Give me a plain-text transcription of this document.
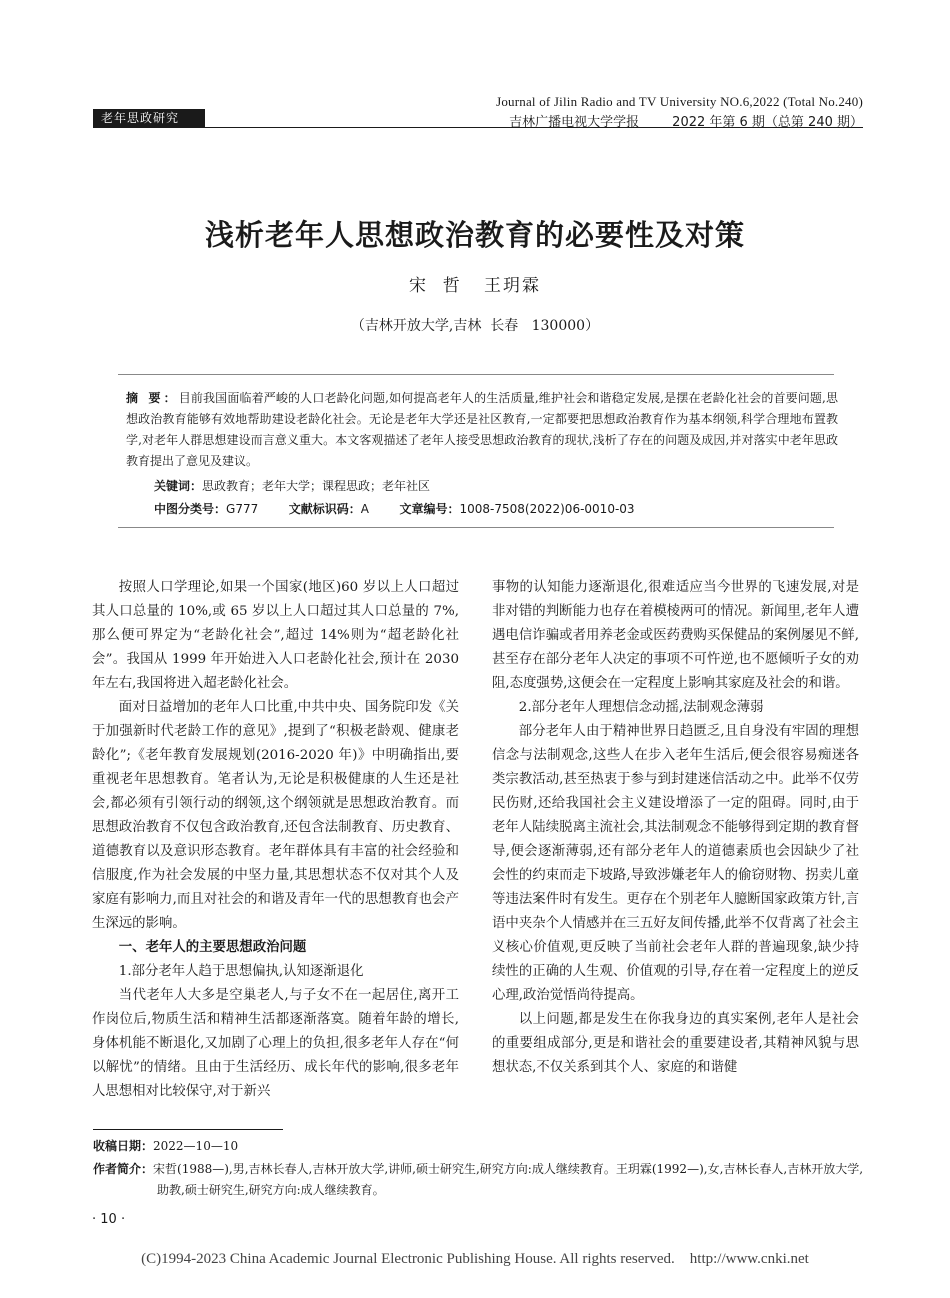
老年思政研究
Journal of Jilin Radio and TV University NO.6,2022 (Total No.240)
吉林广播电视大学学报        2022 年第 6 期（总第 240 期）
浅析老年人思想政治教育的必要性及对策
宋  哲   王玥霖
（吉林开放大学,吉林  长春   130000）
摘 要：目前我国面临着严峻的人口老龄化问题,如何提高老年人的生活质量,维护社会和谐稳定发展,是摆在老龄化社会的首要问题,思想政治教育能够有效地帮助建设老龄化社会。无论是老年大学还是社区教育,一定都要把思想政治教育作为基本纲领,科学合理地布置教学,对老年人群思想建设而言意义重大。本文客观描述了老年人接受思想政治教育的现状,浅析了存在的问题及成因,并对落实中老年思政教育提出了意见及建议。
关键词：思政教育；老年大学；课程思政；老年社区
中图分类号：G777	文献标识码：A	文章编号：1008-7508(2022)06-0010-03

按照人口学理论,如果一个国家(地区)60 岁以上人口超过其人口总量的 10%,或 65 岁以上人口超过其人口总量的 7%,那么便可界定为“老龄化社会”,超过 14%则为“超老龄化社会”。我国从 1999 年开始进入人口老龄化社会,预计在 2030 年左右,我国将进入超老龄化社会。

面对日益增加的老年人口比重,中共中央、国务院印发《关于加强新时代老龄工作的意见》,提到了“积极老龄观、健康老龄化”;《老年教育发展规划(2016-2020 年)》中明确指出,要重视老年思想教育。笔者认为,无论是积极健康的人生还是社会,都必须有引领行动的纲领,这个纲领就是思想政治教育。而思想政治教育不仅包含政治教育,还包含法制教育、历史教育、道德教育以及意识形态教育。老年群体具有丰富的社会经验和信服度,作为社会发展的中坚力量,其思想状态不仅对其个人及家庭有影响力,而且对社会的和谐及青年一代的思想教育也会产生深远的影响。

一、老年人的主要思想政治问题
1.部分老年人趋于思想偏执,认知逐渐退化

当代老年人大多是空巢老人,与子女不在一起居住,离开工作岗位后,物质生活和精神生活都逐渐落寞。随着年龄的增长,身体机能不断退化,又加剧了心理上的负担,很多老年人存在“何以解忧”的情绪。且由于生活经历、成长年代的影响,很多老年人思想相对比较保守,对于新兴

事物的认知能力逐渐退化,很难适应当今世界的飞速发展,对是非对错的判断能力也存在着模棱两可的情况。新闻里,老年人遭遇电信诈骗或者用养老金或医药费购买保健品的案例屡见不鲜,甚至存在部分老年人决定的事项不可忤逆,也不愿倾听子女的劝阻,态度强势,这便会在一定程度上影响其家庭及社会的和谐。

2.部分老年人理想信念动摇,法制观念薄弱

部分老年人由于精神世界日趋匮乏,且自身没有牢固的理想信念与法制观念,这些人在步入老年生活后,便会很容易痴迷各类宗教活动,甚至热衷于参与到封建迷信活动之中。此举不仅劳民伤财,还给我国社会主义建设增添了一定的阻碍。同时,由于老年人陆续脱离主流社会,其法制观念不能够得到定期的教育督导,便会逐渐薄弱,还有部分老年人的道德素质也会因缺少了社会性的约束而走下坡路,导致涉嫌老年人的偷窃财物、拐卖儿童等违法案件时有发生。更存在个别老年人臆断国家政策方针,言语中夹杂个人情感并在三五好友间传播,此举不仅背离了社会主义核心价值观,更反映了当前社会老年人群的普遍现象,缺少持续性的正确的人生观、价值观的引导,存在着一定程度上的逆反心理,政治觉悟尚待提高。

以上问题,都是发生在你我身边的真实案例,老年人是社会的重要组成部分,更是和谐社会的重要建设者,其精神风貌与思想状态,不仅关系到其个人、家庭的和谐健

收稿日期：2022—10—10
作者简介：宋哲(1988—),男,吉林长春人,吉林开放大学,讲师,硕士研究生,研究方向:成人继续教育。王玥霖(1992—),女,吉林长春人,吉林开放大学,助教,硕士研究生,研究方向:成人继续教育。
· 10 ·
(C)1994-2023 China Academic Journal Electronic Publishing House. All rights reserved.    http://www.cnki.net
